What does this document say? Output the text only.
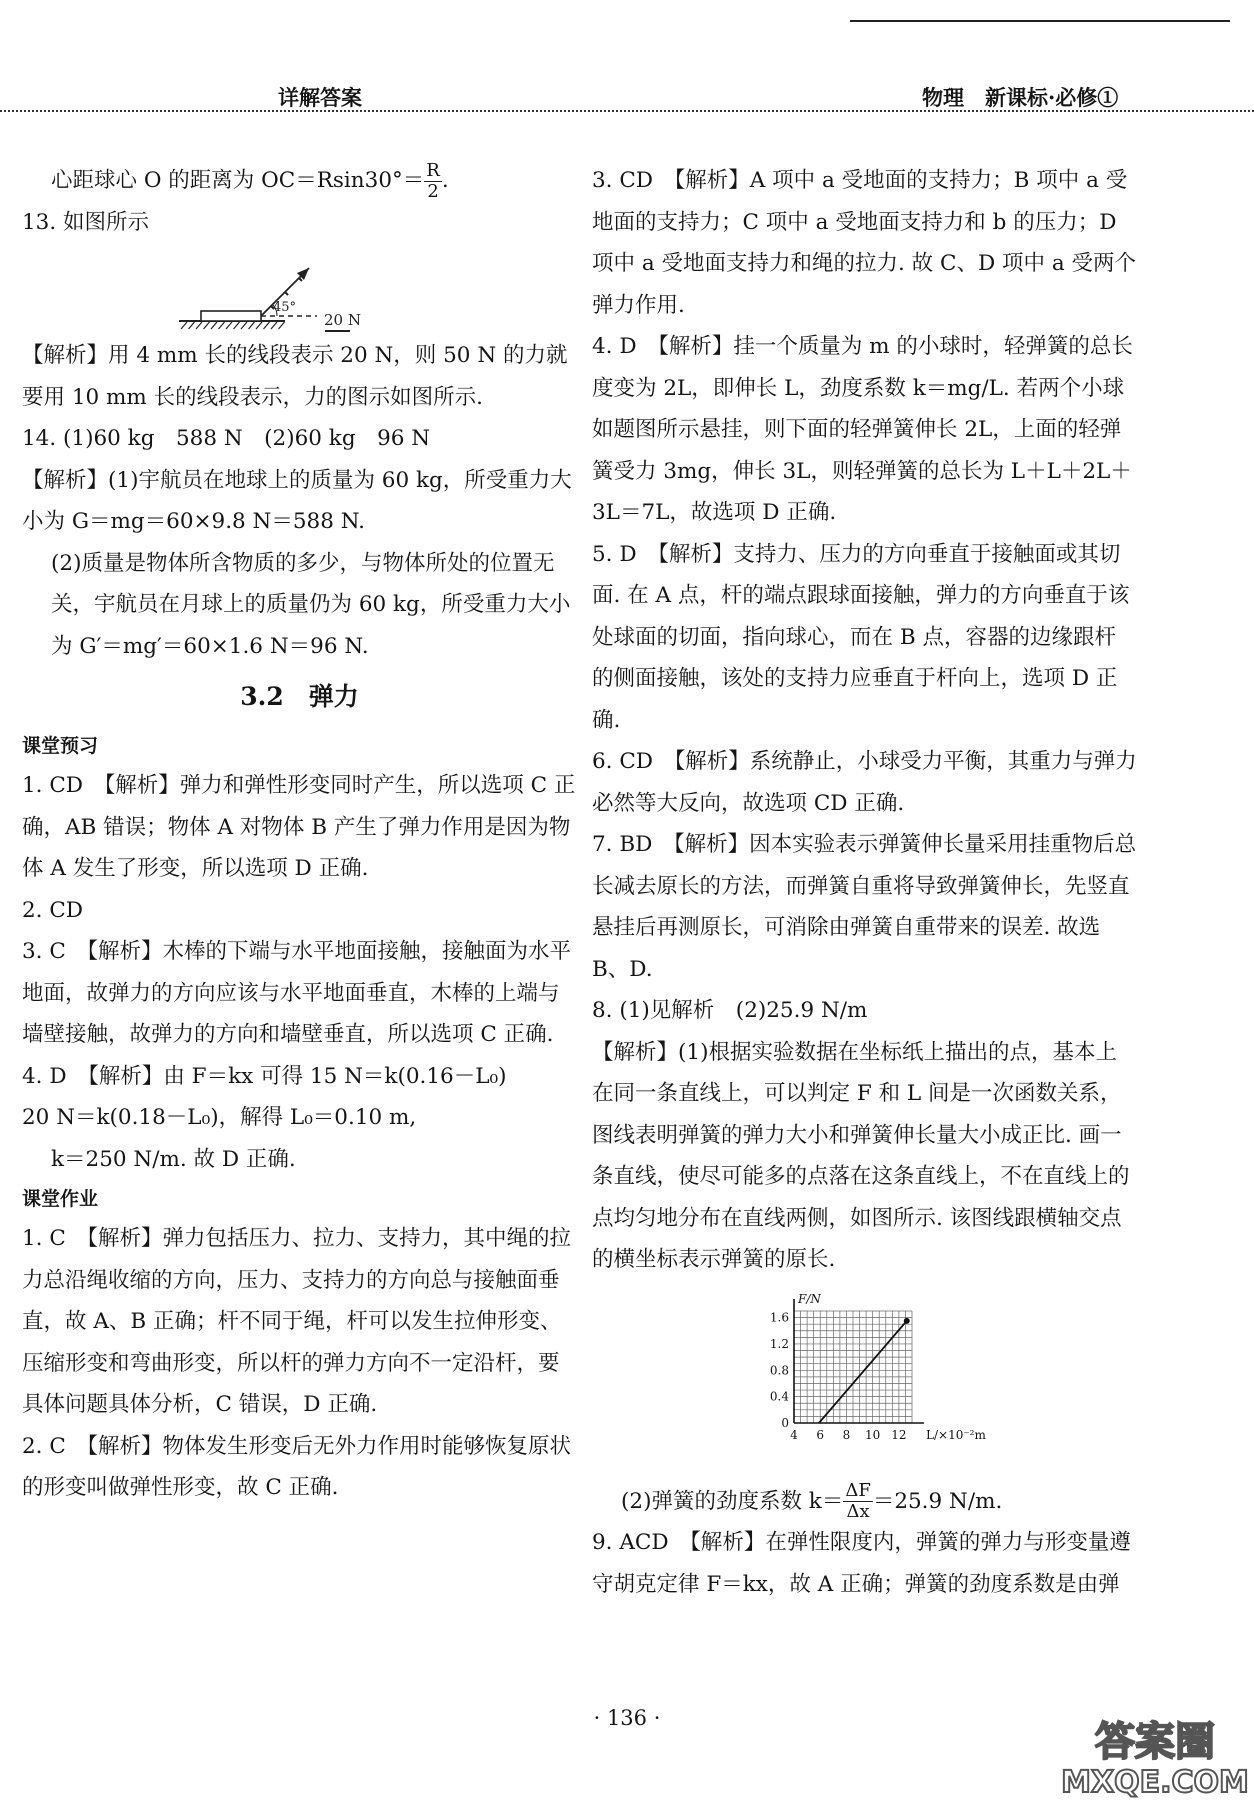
详解答案	物理　新课标·必修①

心距球心 O 的距离为 $OC=Rsin30^\circ= \frac{R}{2}$ .

13. 如图所示

45°
20 N

【解析】用 4 mm 长的线段表示 20 N，则 50 N 的力就要用 10 mm 长的线段表示，力的图示如图所示.

14. (1)60 kg　588 N　(2)60 kg　96 N

【解析】(1)宇航员在地球上的质量为 60 kg，所受重力大小为 G＝mg＝60×9.8 N＝588 N.

(2)质量是物体所含物质的多少，与物体所处的位置无关，宇航员在月球上的质量仍为 60 kg，所受重力大小为 G′＝mg′＝60×1.6 N＝96 N.

3.2　弹力
课堂预习

1. CD　【解析】弹力和弹性形变同时产生，所以选项 C 正确，AB 错误；物体 A 对物体 B 产生了弹力作用是因为物体 A 发生了形变，所以选项 D 正确.

2. CD

3. C　【解析】木棒的下端与水平地面接触，接触面为水平地面，故弹力的方向应该与水平地面垂直，木棒的上端与墙壁接触，故弹力的方向和墙壁垂直，所以选项 C 正确.

4. D　【解析】由 F＝kx 可得 15 N＝k(0.16－L₀)

20 N＝k(0.18－L₀)，解得 L₀＝0.10 m,

k＝250 N/m. 故 D 正确.

课堂作业

1. C　【解析】弹力包括压力、拉力、支持力，其中绳的拉力总沿绳收缩的方向，压力、支持力的方向总与接触面垂直，故 A、B 正确；杆不同于绳，杆可以发生拉伸形变、压缩形变和弯曲形变，所以杆的弹力方向不一定沿杆，要具体问题具体分析，C 错误，D 正确.

2. C　【解析】物体发生形变后无外力作用时能够恢复原状的形变叫做弹性形变，故 C 正确.

3. CD　【解析】A 项中 a 受地面的支持力；B 项中 a 受地面的支持力；C 项中 a 受地面支持力和 b 的压力；D 项中 a 受地面支持力和绳的拉力. 故 C、D 项中 a 受两个弹力作用.

4. D　【解析】挂一个质量为 m 的小球时，轻弹簧的总长度变为 2L，即伸长 L，劲度系数 k＝mg/L. 若两个小球如题图所示悬挂，则下面的轻弹簧伸长 2L，上面的轻弹簧受力 3mg，伸长 3L，则轻弹簧的总长为 L＋L＋2L＋3L＝7L，故选项 D 正确.

5. D　【解析】支持力、压力的方向垂直于接触面或其切面. 在 A 点，杆的端点跟球面接触，弹力的方向垂直于该处球面的切面，指向球心，而在 B 点，容器的边缘跟杆的侧面接触，该处的支持力应垂直于杆向上，选项 D 正确.

6. CD　【解析】系统静止，小球受力平衡，其重力与弹力必然等大反向，故选项 CD 正确.

7. BD　【解析】因本实验表示弹簧伸长量采用挂重物后总长减去原长的方法，而弹簧自重将导致弹簧伸长，先竖直悬挂后再测原长，可消除由弹簧自重带来的误差. 故选 B、D.

8. (1)见解析　(2)25.9 N/m

【解析】(1)根据实验数据在坐标纸上描出的点，基本上在同一条直线上，可以判定 F 和 L 间是一次函数关系，图线表明弹簧的弹力大小和弹簧伸长量大小成正比. 画一条直线，使尽可能多的点落在这条直线上，不在直线上的点均匀地分布在直线两侧，如图所示. 该图线跟横轴交点的横坐标表示弹簧的原长.

4 6 8 10 12
0
0.4
0.8
1.2
1.6
F/N
L/×10⁻²m

(2)弹簧的劲度系数 $k= \frac{\Delta F}{\Delta x} =25.9$ N/m.

9. ACD　【解析】在弹性限度内，弹簧的弹力与形变量遵守胡克定律 F＝kx，故 A 正确；弹簧的劲度系数是由弹

· 136 ·
答案圈
MXQE.COM
